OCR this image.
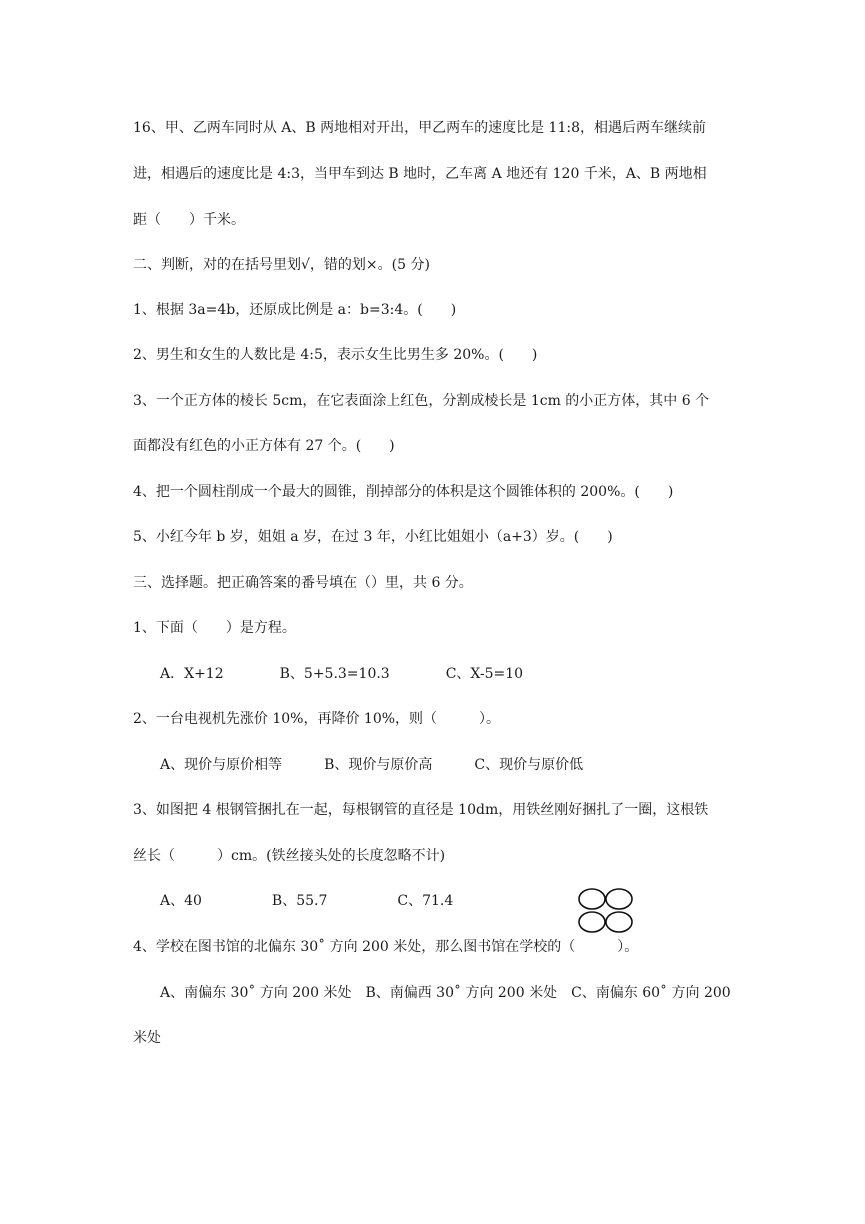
16、甲、乙两车同时从 A、B 两地相对开出，甲乙两车的速度比是 11:8，相遇后两车继续前
进，相遇后的速度比是 4:3，当甲车到达 B 地时，乙车离 A 地还有 120 千米，A、B 两地相
距（　　）千米。
二、判断，对的在括号里划√，错的划×。(5 分)
1、根据 3a=4b，还原成比例是 a：b=3:4。(　　)
2、男生和女生的人数比是 4:5，表示女生比男生多 20%。(　　)
3、一个正方体的棱长 5cm，在它表面涂上红色，分割成棱长是 1cm 的小正方体，其中 6 个
面都没有红色的小正方体有 27 个。(　　)
4、把一个圆柱削成一个最大的圆锥，削掉部分的体积是这个圆锥体积的 200%。(　　)
5、小红今年 b 岁，姐姐 a 岁，在过 3 年，小红比姐姐小（a+3）岁。(　　)
三、选择题。把正确答案的番号填在（）里，共 6 分。
1、下面（　　）是方程。
A．X+12　　　　B、5+5.3=10.3　　　　C、X-5=10
2、一台电视机先涨价 10%，再降价 10%，则（　　　）。
A、现价与原价相等　　　B、现价与原价高　　　C、现价与原价低
3、如图把 4 根钢管捆扎在一起，每根钢管的直径是 10dm，用铁丝刚好捆扎了一圈，这根铁
丝长（　　　）cm。(铁丝接头处的长度忽略不计)
A、40　　　　　B、55.7　　　　　C、71.4
4、学校在图书馆的北偏东 30˚ 方向 200 米处，那么图书馆在学校的（　　　）。
A、南偏东 30˚ 方向 200 米处　B、南偏西 30˚ 方向 200 米处　C、南偏东 60˚ 方向 200
米处
